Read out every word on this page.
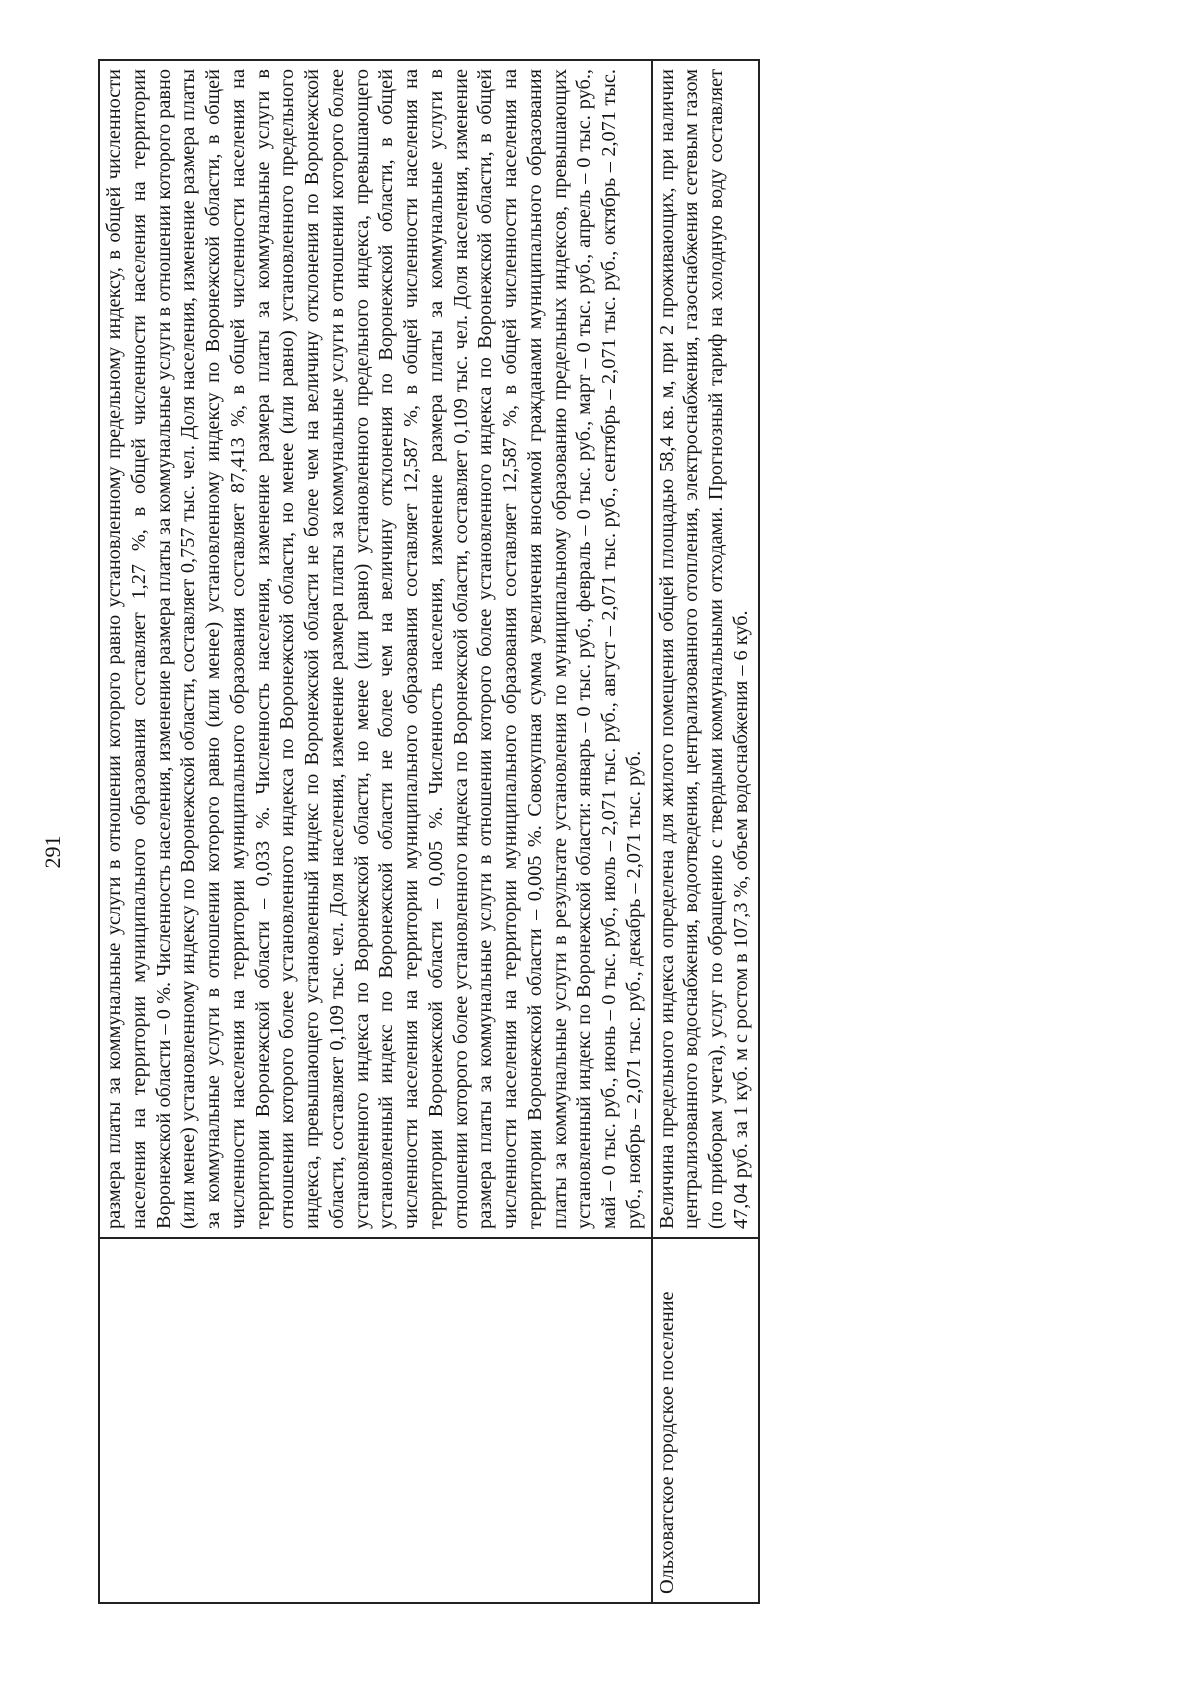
291

	размера платы за коммунальные услуги в отношении которого равно установленному предельному индексу, в общей численности населения на территории муниципального образования составляет 1,27 %, в общей численности населения на территории Воронежской области – 0 %. Численность населения, изменение размера платы за коммунальные услуги в отношении которого равно (или менее) установленному индексу по Воронежской области, составляет 0,757 тыс. чел. Доля населения, изменение размера платы за коммунальные услуги в отношении которого равно (или менее) установленному индексу по Воронежской области, в общей численности населения на территории муниципального образования составляет 87,413 %, в общей численности населения на территории Воронежской области – 0,033 %. Численность населения, изменение размера платы за коммунальные услуги в отношении которого более установленного индекса по Воронежской области, но менее (или равно) установленного предельного индекса, превышающего установленный индекс по Воронежской области не более чем на величину отклонения по Воронежской области, составляет 0,109 тыс. чел. Доля населения, изменение размера платы за коммунальные услуги в отношении которого более установленного индекса по Воронежской области, но менее (или равно) установленного предельного индекса, превышающего установленный индекс по Воронежской области не более чем на величину отклонения по Воронежской области, в общей численности населения на территории муниципального образования составляет 12,587 %, в общей численности населения на территории Воронежской области – 0,005 %. Численность населения, изменение размера платы за коммунальные услуги в отношении которого более установленного индекса по Воронежской области, составляет 0,109 тыс. чел. Доля населения, изменение размера платы за коммунальные услуги в отношении которого более установленного индекса по Воронежской области, в общей численности населения на территории муниципального образования составляет 12,587 %, в общей численности населения на территории Воронежской области – 0,005 %. Совокупная сумма увеличения вносимой гражданами муниципального образования платы за коммунальные услуги в результате установления по муниципальному образованию предельных индексов, превышающих установленный индекс по Воронежской области: январь – 0 тыс. руб., февраль – 0 тыс. руб., март – 0 тыс. руб., апрель – 0 тыс. руб., май – 0 тыс. руб., июнь – 0 тыс. руб., июль – 2,071 тыс. руб., август – 2,071 тыс. руб., сентябрь – 2,071 тыс. руб., октябрь – 2,071 тыс. руб., ноябрь – 2,071 тыс. руб., декабрь – 2,071 тыс. руб.

Ольховатское городское поселение	Величина предельного индекса определена для жилого помещения общей площадью 58,4 кв. м, при 2 проживающих, при наличии централизованного водоснабжения, водоотведения, централизованного отопления, электроснабжения, газоснабжения сетевым газом (по приборам учета), услуг по обращению с твердыми коммунальными отходами. Прогнозный тариф на холодную воду составляет 47,04 руб. за 1 куб. м с ростом в 107,3 %, объем водоснабжения – 6 куб.
